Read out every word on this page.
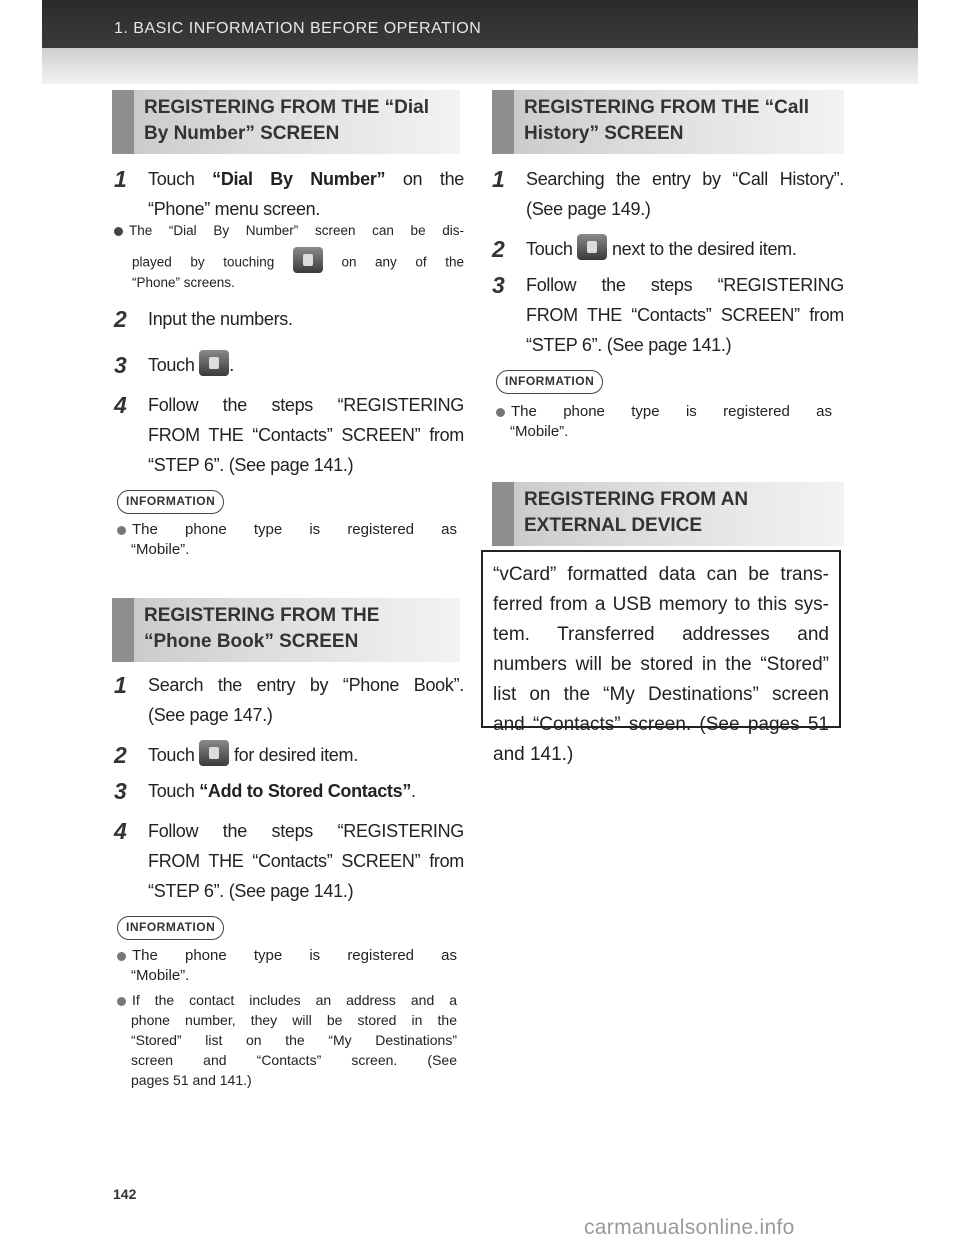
1. BASIC INFORMATION BEFORE OPERATION
REGISTERING FROM THE “Dial
By Number” SCREEN
1 Touch “Dial By Number” on the
“Phone” menu screen.
The “Dial By Number” screen can be dis-
played by touching	on any of the
“Phone” screens.
2 Input the numbers.
3 Touch .
4 Follow the steps “REGISTERING
FROM THE “Contacts” SCREEN” from
“STEP 6”. (See page 141.)
INFORMATION
The phone type is registered as
“Mobile”.
REGISTERING FROM THE
“Phone Book” SCREEN
1 Search the entry by “Phone Book”.
(See page 147.)
2 Touch for desired item.
3 Touch “Add to Stored Contacts”.
4 Follow the steps “REGISTERING
FROM THE “Contacts” SCREEN” from
“STEP 6”. (See page 141.)
INFORMATION
The phone type is registered as
“Mobile”.
If the contact includes an address and a
phone number, they will be stored in the
“Stored” list on the “My Destinations”
screen and “Contacts” screen. (See
pages 51 and 141.)
REGISTERING FROM THE “Call
History” SCREEN
1 Searching the entry by “Call History”.
(See page 149.)
2 Touch next to the desired item.
3 Follow the steps “REGISTERING
FROM THE “Contacts” SCREEN” from
“STEP 6”. (See page 141.)
INFORMATION
The phone type is registered as
“Mobile”.
REGISTERING FROM AN
EXTERNAL DEVICE
“vCard” formatted data can be trans-
ferred from a USB memory to this sys-
tem. Transferred addresses and
numbers will be stored in the “Stored”
list on the “My Destinations” screen
and “Contacts” screen. (See pages 51
and 141.)
142
carmanualsonline.info
